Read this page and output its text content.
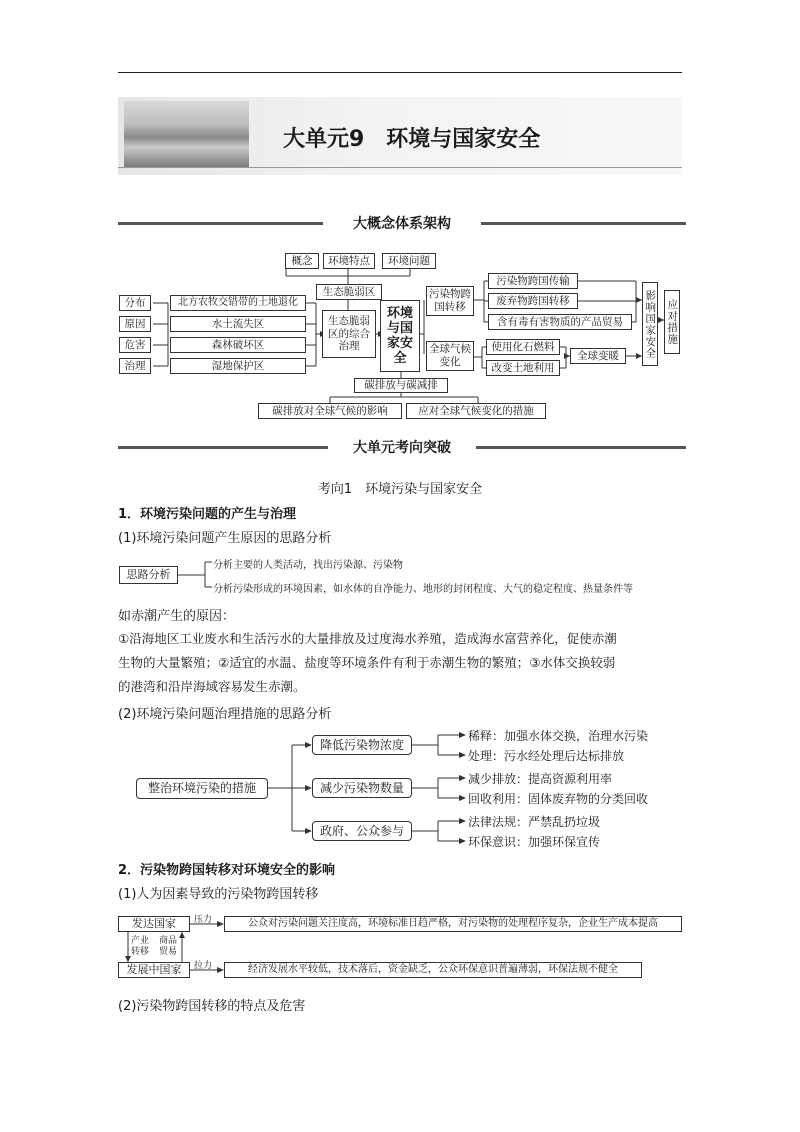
大单元9　环境与国家安全
大概念体系架构
概念	环境特点	环境问题
生态脆弱区
分布
原因
危害
治理
北方农牧交错带的土地退化
水土流失区
森林破坏区
湿地保护区
生态脆弱区的综合治理
环境与国家安全
污染物跨国转移
污染物跨国传输
废弃物跨国转移
含有毒有害物质的产品贸易
全球气候变化
使用化石燃料
改变土地利用
全球变暖	影响国家安全 应对措施
碳排放与碳减排
碳排放对全球气候的影响	应对全球气候变化的措施
大单元考向突破
考向1　环境污染与国家安全
1．环境污染问题的产生与治理
(1)环境污染问题产生原因的思路分析
思路分析
分析主要的人类活动，找出污染源、污染物
分析污染形成的环境因素，如水体的自净能力、地形的封闭程度、大气的稳定程度、热量条件等
如赤潮产生的原因：
①沿海地区工业废水和生活污水的大量排放及过度海水养殖，造成海水富营养化，促使赤潮
生物的大量繁殖；②适宜的水温、盐度等环境条件有利于赤潮生物的繁殖；③水体交换较弱
的港湾和沿岸海域容易发生赤潮。
(2)环境污染问题治理措施的思路分析
整治环境污染的措施
降低污染物浓度
减少污染物数量
政府、公众参与
稀释：加强水体交换，治理水污染
处理：污水经处理后达标排放
减少排放：提高资源利用率
回收利用：固体废弃物的分类回收
法律法规：严禁乱扔垃圾
环保意识：加强环保宣传
2．污染物跨国转移对环境安全的影响
(1)人为因素导致的污染物跨国转移
发达国家	压力	公众对污染问题关注度高，环境标准日趋严格，对污染物的处理程序复杂，企业生产成本提高
产业转移
商品贸易
发展中国家	拉力	经济发展水平较低，技术落后，资金缺乏，公众环保意识普遍薄弱，环保法规不健全
(2)污染物跨国转移的特点及危害
